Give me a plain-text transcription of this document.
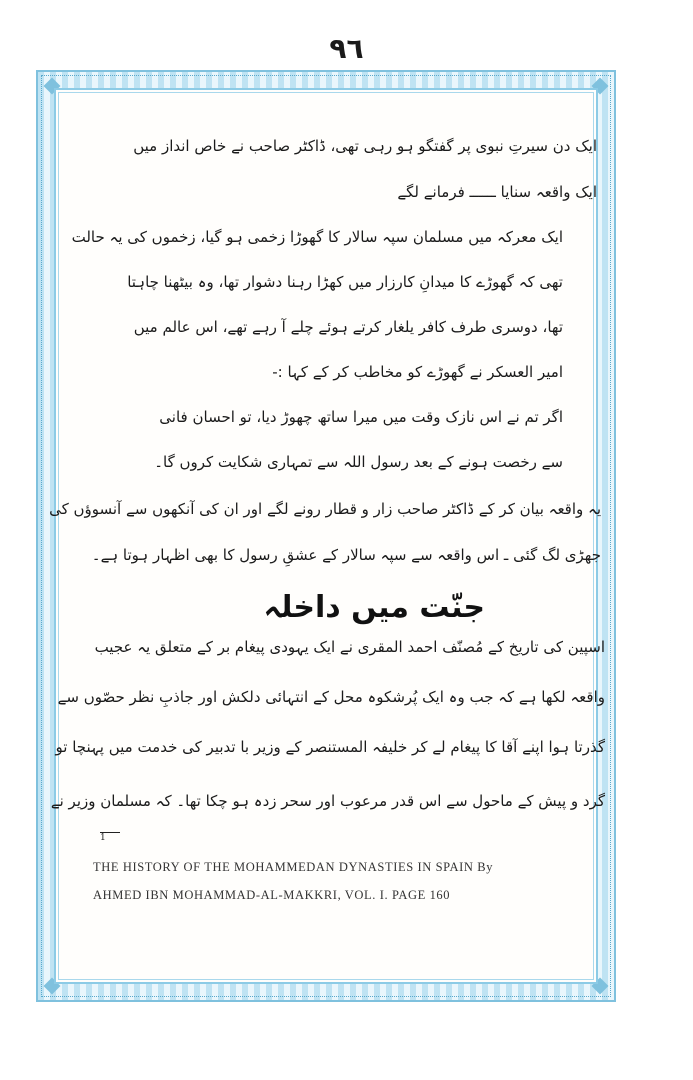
٩٦
ایک دن سیرتِ نبوی پر گفتگو ہو رہی تھی، ڈاکٹر صاحب نے خاص انداز میں
ایک واقعہ سنایا ــــــ فرمانے لگے
ایک معرکہ میں مسلمان سپہ سالار کا گھوڑا زخمی ہو گیا، زخموں کی یہ حالت
تھی کہ گھوڑے کا میدانِ کارزار میں کھڑا رہنا دشوار تھا، وہ بیٹھنا چاہتا
تھا، دوسری طرف کافر یلغار کرتے ہوئے چلے آ رہے تھے، اس عالم میں
امیر العسکر نے گھوڑے کو مخاطب کر کے کہا :-
اگر تم نے اس نازک وقت میں میرا ساتھ چھوڑ دیا، تو احسان فانی
سے رخصت ہونے کے بعد رسول اللہ سے تمہاری شکایت کروں گا۔
یہ واقعہ بیان کر کے ڈاکٹر صاحب زار و قطار رونے لگے اور ان کی آنکھوں سے آنسوؤں کی
جھڑی لگ گئی ـ اس واقعہ سے سپہ سالار کے عشقِ رسول کا بھی اظہار ہوتا ہے۔
جنّت میں داخلہ
اسپین کی تاریخ کے مُصنّف احمد المقری نے ایک یہودی پیغام بر کے متعلق یہ عجیب
واقعہ لکھا ہے کہ جب وہ ایک پُرشکوہ محل کے انتہائی دلکش اور جاذبِ نظر حصّوں سے
گذرتا ہوا اپنے آقا کا پیغام لے کر خلیفہ المستنصر کے وزیر با تدبیر کی خدمت میں پہنچا تو
گرد و پیش کے ماحول سے اس قدر مرعوب اور سحر زدہ ہو چکا تھا۔ کہ مسلمان وزیر نے
1
THE HISTORY OF THE MOHAMMEDAN DYNASTIES IN SPAIN By
AHMED IBN MOHAMMAD-AL-MAKKRI, VOL. I. PAGE 160
